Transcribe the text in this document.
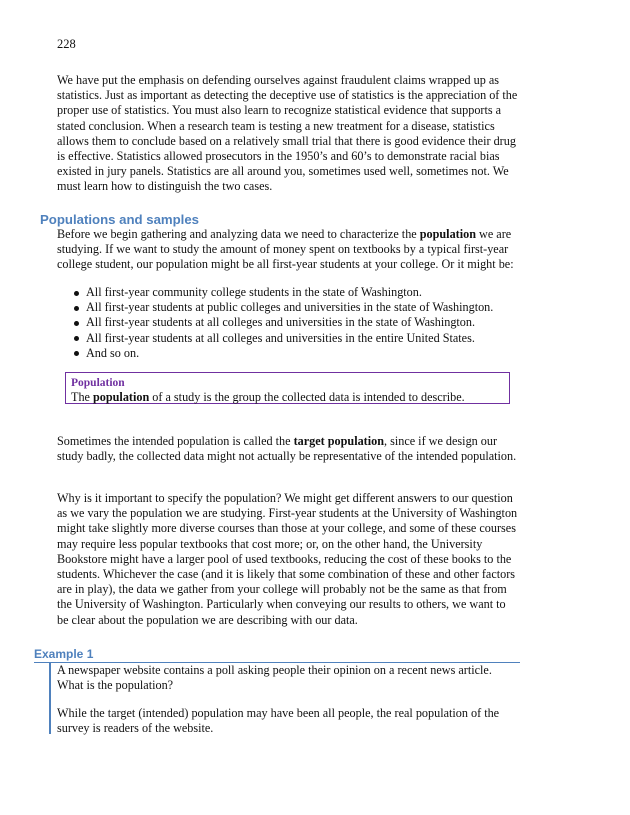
228

We have put the emphasis on defending ourselves against fraudulent claims wrapped up as statistics. Just as important as detecting the deceptive use of statistics is the appreciation of the proper use of statistics. You must also learn to recognize statistical evidence that supports a stated conclusion. When a research team is testing a new treatment for a disease, statistics allows them to conclude based on a relatively small trial that there is good evidence their drug is effective. Statistics allowed prosecutors in the 1950’s and 60’s to demonstrate racial bias existed in jury panels. Statistics are all around you, sometimes used well, sometimes not. We must learn how to distinguish the two cases.

Populations and samples

Before we begin gathering and analyzing data we need to characterize the population we are studying. If we want to study the amount of money spent on textbooks by a typical first-year college student, our population might be all first-year students at your college. Or it might be:

All first-year community college students in the state of Washington.
All first-year students at public colleges and universities in the state of Washington.
All first-year students at all colleges and universities in the state of Washington.
All first-year students at all colleges and universities in the entire United States.
And so on.
Population
The population of a study is the group the collected data is intended to describe.

Sometimes the intended population is called the target population, since if we design our study badly, the collected data might not actually be representative of the intended population.

Why is it important to specify the population? We might get different answers to our question as we vary the population we are studying. First-year students at the University of Washington might take slightly more diverse courses than those at your college, and some of these courses may require less popular textbooks that cost more; or, on the other hand, the University Bookstore might have a larger pool of used textbooks, reducing the cost of these books to the students. Whichever the case (and it is likely that some combination of these and other factors are in play), the data we gather from your college will probably not be the same as that from the University of Washington. Particularly when conveying our results to others, we want to be clear about the population we are describing with our data.

Example 1

A newspaper website contains a poll asking people their opinion on a recent news article. What is the population?

While the target (intended) population may have been all people, the real population of the survey is readers of the website.
